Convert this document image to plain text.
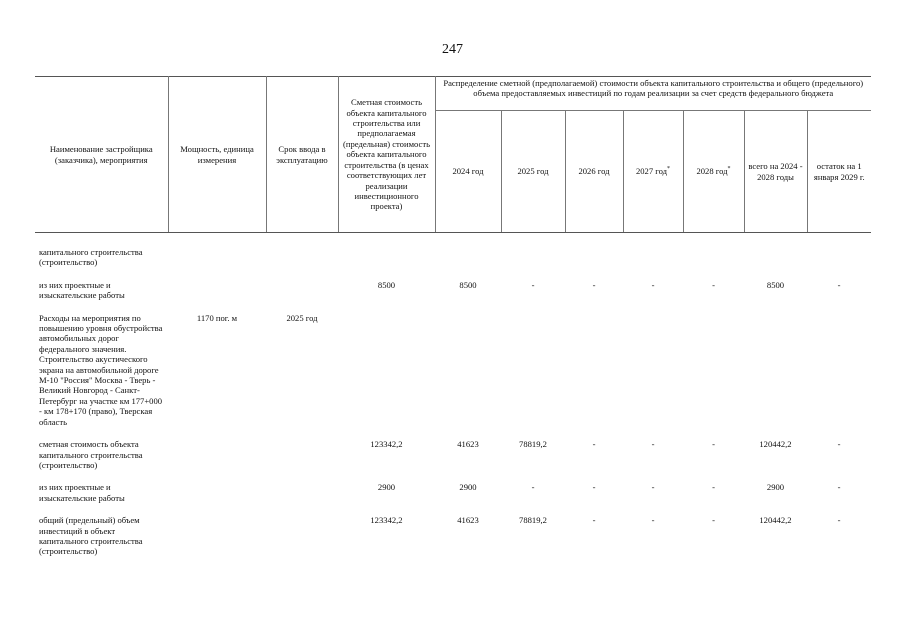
247
Наименование застройщика (заказчика), мероприятия	Мощность, единица измерения	Срок ввода в эксплуатацию	Сметная стоимость объекта капитального строительства или предполагаемая (предельная) стоимость объекта капитального строительства (в ценах соответствующих лет реализации инвестиционного проекта)	Распределение сметной (предполагаемой) стоимости объекта капитального строительства и общего (предельного) объема предоставляемых инвестиций по годам реализации за счет средств федерального бюджета						
				2024 год	2025 год	2026 год	2027 год*	2028 год*	всего на 2024 - 2028 годы	остаток на 1 января 2029 г.

капитального строительства (строительство)										
из них проектные и изыскательские работы			8500	8500	-	-	-	-	8500	-
Расходы на мероприятия по повышению уровня обустройства автомобильных дорог федерального значения. Строительство акустического экрана на автомобильной дороге М-10 "Россия" Москва - Тверь - Великий Новгород - Санкт-Петербург на участке км 177+000 - км 178+170 (право), Тверская область	1170 пог. м	2025 год								
сметная стоимость объекта капитального строительства (строительство)			123342,2	41623	78819,2	-	-	-	120442,2	-
из них проектные и изыскательские работы			2900	2900	-	-	-	-	2900	-
общий (предельный) объем инвестиций в объект капитального строительства (строительство)			123342,2	41623	78819,2	-	-	-	120442,2	-
